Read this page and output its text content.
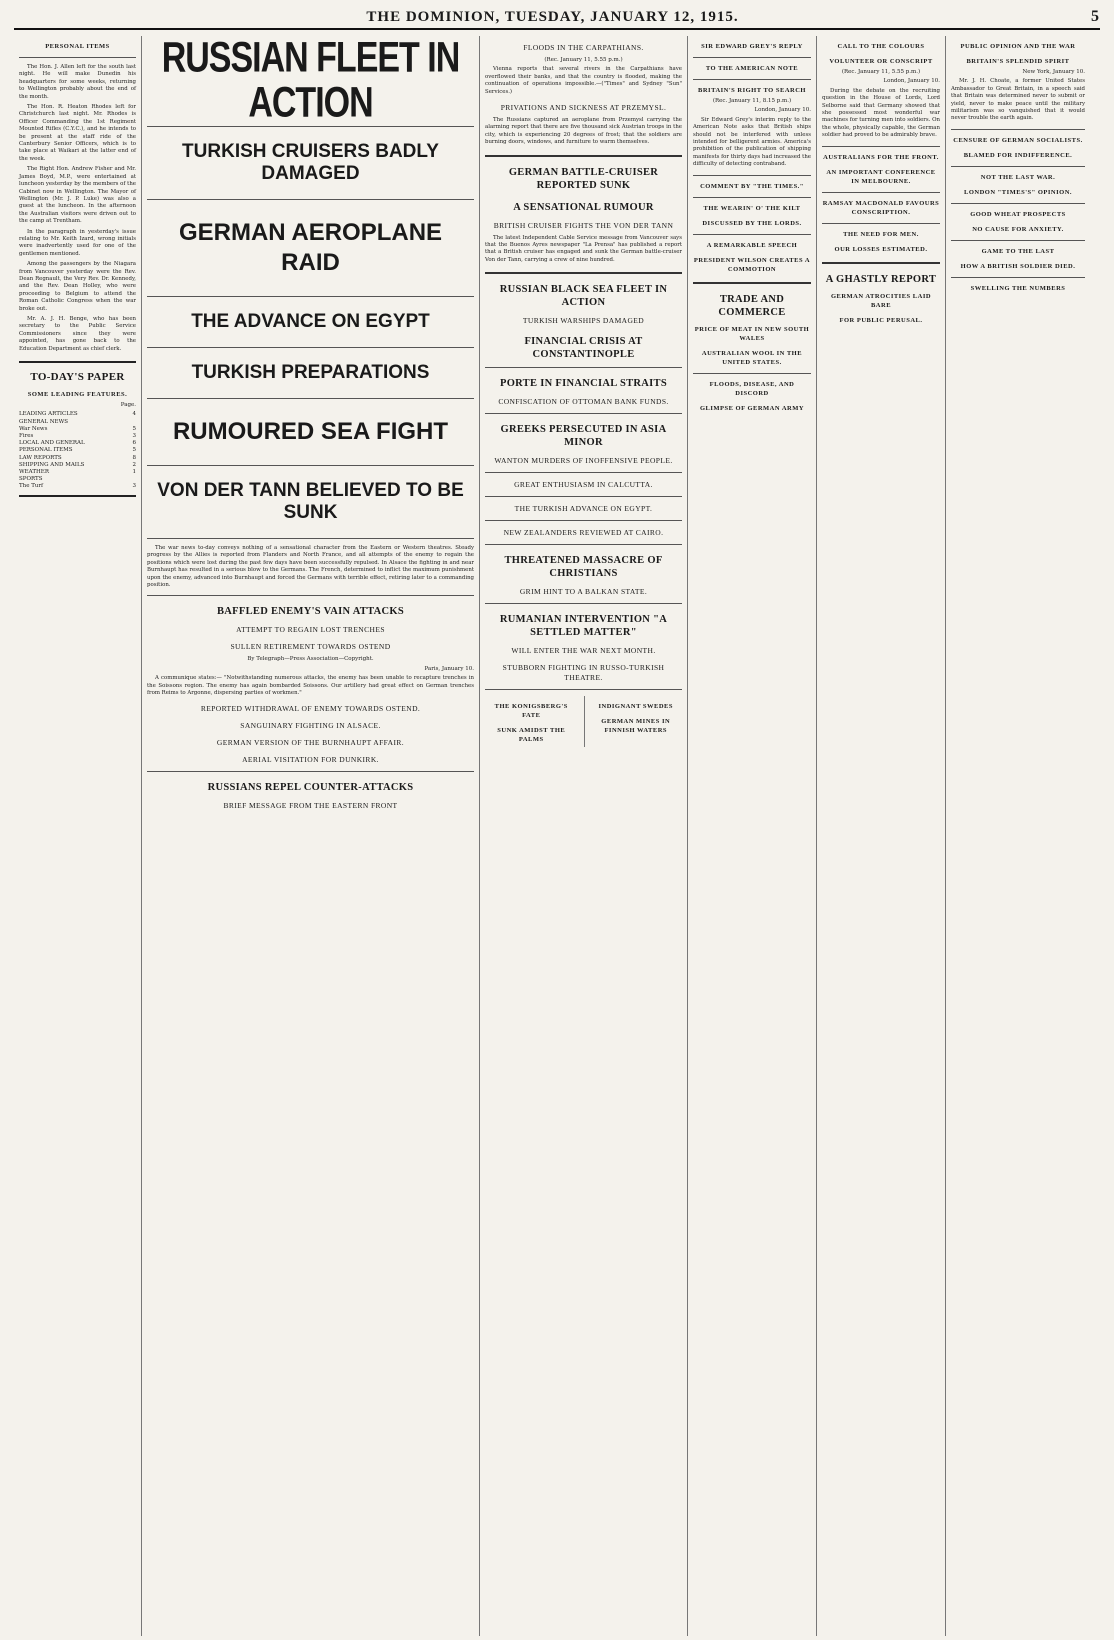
THE DOMINION, TUESDAY, JANUARY 12, 1915.	5
PERSONAL ITEMS

The Hon. J. Allen left for the south last night. He will make Dunedin his headquarters for some weeks, returning to Wellington probably about the end of the month.

The Hon. R. Heaton Rhodes left for Christchurch last night. Mr. Rhodes is Officer Commanding the 1st Regiment Mounted Rifles (C.Y.C.), and he intends to be present at the staff ride of the Canterbury Senior Officers, which is to take place at Waikari at the latter end of the week.

The Right Hon. Andrew Fisher and Mr. James Boyd, M.P., were entertained at luncheon yesterday by the members of the Cabinet now in Wellington. The Mayor of Wellington (Mr. J. P. Luke) was also a guest at the luncheon. In the afternoon the Australian visitors were driven out to the camp at Trentham.

In the paragraph in yesterday's issue relating to Mr. Keith Izard, wrong initials were inadvertently used for one of the gentlemen mentioned.

Among the passengers by the Niagara from Vancouver yesterday were the Rev. Dean Regnault, the Very Rev. Dr. Kennedy, and the Rev. Dean Holley, who were proceeding to Belgium to attend the Roman Catholic Congress when the war broke out.

Mr. A. J. H. Benge, who has been secretary to the Public Service Commissioners since they were appointed, has gone back to the Education Department as chief clerk.

TO-DAY'S PAPER
SOME LEADING FEATURES.
Page.
LEADING ARTICLES	4
GENERAL NEWS
War News	5
Fires	3
LOCAL AND GENERAL	6
PERSONAL ITEMS	5
LAW REPORTS	8
SHIPPING AND MAILS	2
WEATHER	1
SPORTS
The Turf	3
RUSSIAN FLEET IN ACTION
TURKISH CRUISERS BADLY DAMAGED
GERMAN AEROPLANE RAID
THE ADVANCE ON EGYPT
TURKISH PREPARATIONS
RUMOURED SEA FIGHT
VON DER TANN BELIEVED TO BE SUNK

The war news to-day conveys nothing of a sensational character from the Eastern or Western theatres. Steady progress by the Allies is reported from Flanders and North France, and all attempts of the enemy to regain the positions which were lost during the past few days have been successfully repulsed. In Alsace the fighting in and near Burnhaupt has resulted in a serious blow to the Germans. The French, determined to inflict the maximum punishment upon the enemy, advanced into Burnhaupt and forced the Germans with terrible effect, retiring later to a commanding position.

BAFFLED ENEMY'S VAIN ATTACKS
ATTEMPT TO REGAIN LOST TRENCHES
SULLEN RETIREMENT TOWARDS OSTEND
By Telegraph—Press Association—Copyright.
Paris, January 10.

A communique states:— "Notwithstanding numerous attacks, the enemy has been unable to recapture trenches in the Soissons region. The enemy has again bombarded Soissons. Our artillery had great effect on German trenches from Reims to Argonne, dispersing parties of workmen."

REPORTED WITHDRAWAL OF ENEMY TOWARDS OSTEND.
SANGUINARY FIGHTING IN ALSACE.
GERMAN VERSION OF THE BURNHAUPT AFFAIR.
AERIAL VISITATION FOR DUNKIRK.
RUSSIANS REPEL COUNTER-ATTACKS
BRIEF MESSAGE FROM THE EASTERN FRONT
FLOODS IN THE CARPATHIANS.
(Rec. January 11, 5.55 p.m.)

Vienna reports that several rivers in the Carpathians have overflowed their banks, and that the country is flooded, making the continuation of operations impossible.—("Times" and Sydney "Sun" Services.)

PRIVATIONS AND SICKNESS AT PRZEMYSL.

The Russians captured an aeroplane from Przemysl carrying the alarming report that there are five thousand sick Austrian troops in the city, which is experiencing 20 degrees of frost; that the soldiers are burning doors, windows, and furniture to warm themselves.

GERMAN BATTLE-CRUISER REPORTED SUNK
A SENSATIONAL RUMOUR
BRITISH CRUISER FIGHTS THE VON DER TANN

The latest Independent Cable Service message from Vancouver says that the Buenos Ayres newspaper "La Prensa" has published a report that a British cruiser has engaged and sunk the German battle-cruiser Von der Tann, carrying a crew of nine hundred.

RUSSIAN BLACK SEA FLEET IN ACTION
TURKISH WARSHIPS DAMAGED
FINANCIAL CRISIS AT CONSTANTINOPLE
PORTE IN FINANCIAL STRAITS
CONFISCATION OF OTTOMAN BANK FUNDS.
GREEKS PERSECUTED IN ASIA MINOR
WANTON MURDERS OF INOFFENSIVE PEOPLE.
GREAT ENTHUSIASM IN CALCUTTA.
THE TURKISH ADVANCE ON EGYPT.
NEW ZEALANDERS REVIEWED AT CAIRO.
THREATENED MASSACRE OF CHRISTIANS
GRIM HINT TO A BALKAN STATE.
RUMANIAN INTERVENTION "A SETTLED MATTER"
WILL ENTER THE WAR NEXT MONTH.
STUBBORN FIGHTING IN RUSSO-TURKISH THEATRE.
THE KONIGSBERG'S FATE
SUNK AMIDST THE PALMS
INDIGNANT SWEDES
GERMAN MINES IN FINNISH WATERS
SIR EDWARD GREY'S REPLY
TO THE AMERICAN NOTE
BRITAIN'S RIGHT TO SEARCH
(Rec. January 11, 8.15 p.m.)
London, January 10.

Sir Edward Grey's interim reply to the American Note asks that British ships should not be interfered with unless intended for belligerent armies. America's prohibition of the publication of shipping manifests for thirty days had increased the difficulty of detecting contraband.

COMMENT BY "THE TIMES."
THE WEARIN' O' THE KILT
DISCUSSED BY THE LORDS.
A REMARKABLE SPEECH
PRESIDENT WILSON CREATES A COMMOTION
TRADE AND COMMERCE
PRICE OF MEAT IN NEW SOUTH WALES
AUSTRALIAN WOOL IN THE UNITED STATES.
FLOODS, DISEASE, AND DISCORD
GLIMPSE OF GERMAN ARMY
CALL TO THE COLOURS
VOLUNTEER OR CONSCRIPT
(Rec. January 11, 5.55 p.m.)
London, January 10.

During the debate on the recruiting question in the House of Lords, Lord Selborne said that Germany showed that she possessed most wonderful war machines for turning men into soldiers. On the whole, physically capable, the German soldier had proved to be admirably brave.

AUSTRALIANS FOR THE FRONT.
AN IMPORTANT CONFERENCE IN MELBOURNE.
RAMSAY MACDONALD FAVOURS CONSCRIPTION.
THE NEED FOR MEN.
OUR LOSSES ESTIMATED.
A GHASTLY REPORT
GERMAN ATROCITIES LAID BARE
FOR PUBLIC PERUSAL.
PUBLIC OPINION AND THE WAR
BRITAIN'S SPLENDID SPIRIT
New York, January 10.

Mr. J. H. Choate, a former United States Ambassador to Great Britain, in a speech said that Britain was determined never to submit or yield, never to make peace until the military militarism was so vanquished that it would never trouble the earth again.

CENSURE OF GERMAN SOCIALISTS.
BLAMED FOR INDIFFERENCE.
NOT THE LAST WAR.
LONDON "TIMES'S" OPINION.
GOOD WHEAT PROSPECTS
NO CAUSE FOR ANXIETY.
GAME TO THE LAST
HOW A BRITISH SOLDIER DIED.
SWELLING THE NUMBERS
